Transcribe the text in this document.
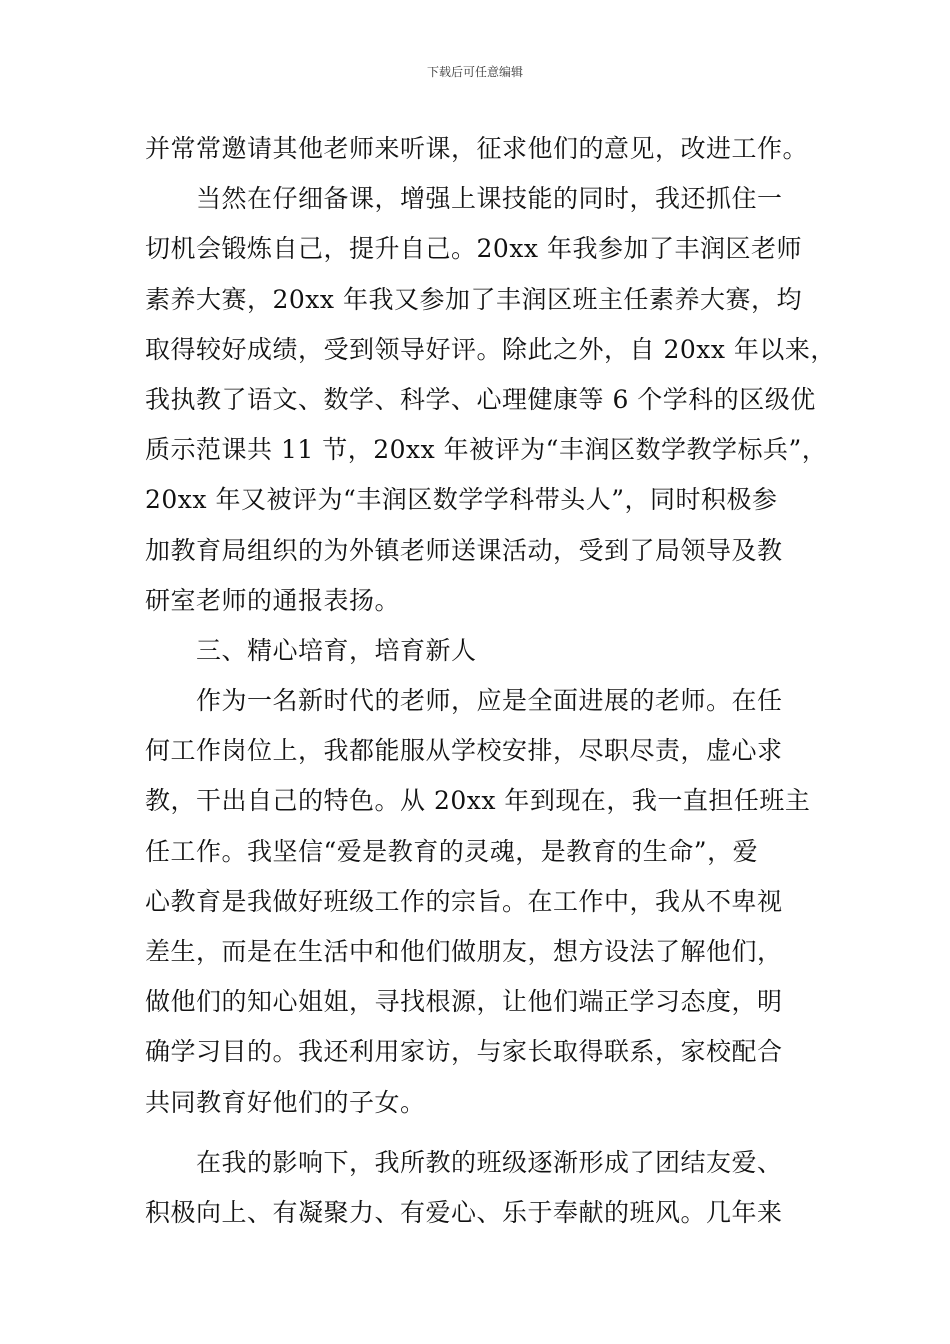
下载后可任意编辑
并常常邀请其他老师来听课，征求他们的意见，改进工作。
　　当然在仔细备课，增强上课技能的同时，我还抓住一
切机会锻炼自己，提升自己。20xx 年我参加了丰润区老师
素养大赛，20xx 年我又参加了丰润区班主任素养大赛，均
取得较好成绩，受到领导好评。除此之外，自 20xx 年以来，
我执教了语文、数学、科学、心理健康等 6 个学科的区级优
质示范课共 11 节，20xx 年被评为“丰润区数学教学标兵”，
20xx 年又被评为“丰润区数学学科带头人”，同时积极参
加教育局组织的为外镇老师送课活动，受到了局领导及教
研室老师的通报表扬。
　　三、精心培育，培育新人
　　作为一名新时代的老师，应是全面进展的老师。在任
何工作岗位上，我都能服从学校安排，尽职尽责，虚心求
教，干出自己的特色。从 20xx 年到现在，我一直担任班主
任工作。我坚信“爱是教育的灵魂，是教育的生命”，爱
心教育是我做好班级工作的宗旨。在工作中，我从不卑视
差生，而是在生活中和他们做朋友，想方设法了解他们，
做他们的知心姐姐，寻找根源，让他们端正学习态度，明
确学习目的。我还利用家访，与家长取得联系，家校配合
共同教育好他们的子女。
　　在我的影响下，我所教的班级逐渐形成了团结友爱、
积极向上、有凝聚力、有爱心、乐于奉献的班风。几年来
